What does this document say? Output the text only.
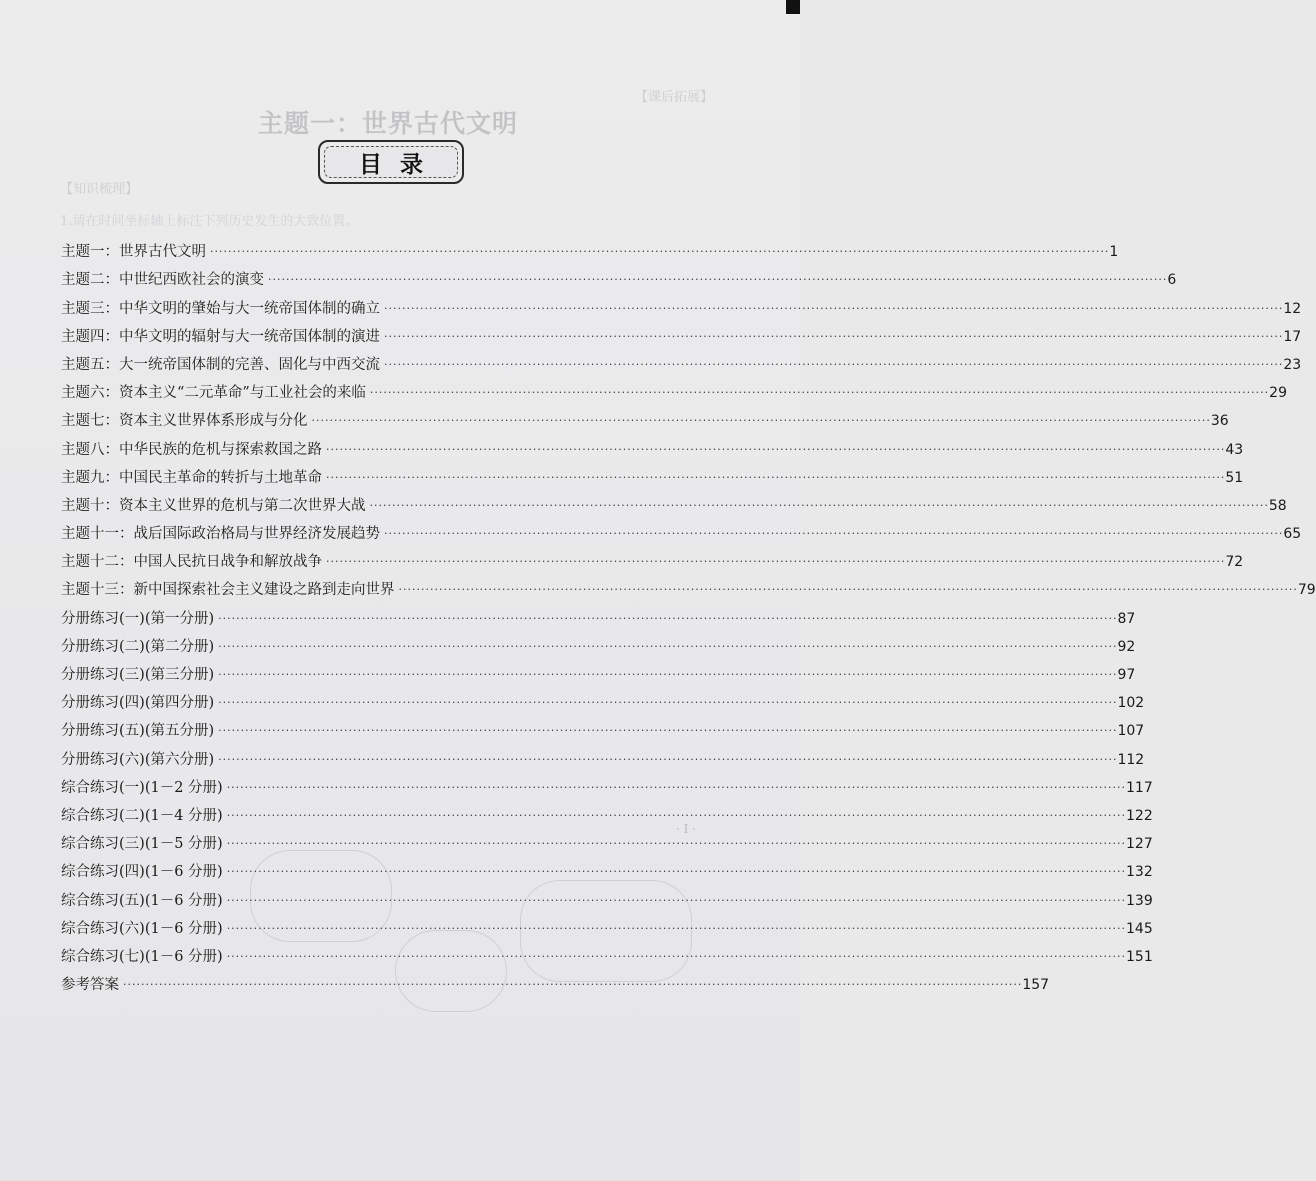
【课后拓展】
主题一：世界古代文明
【知识梳理】
1.请在时间坐标轴上标注下列历史发生的大致位置。
目录
主题一：世界古代文明 ········································································································································································································ 1
主题二：中世纪西欧社会的演变 ········································································································································································································ 6
主题三：中华文明的肇始与大一统帝国体制的确立 ········································································································································································································ 12
主题四：中华文明的辐射与大一统帝国体制的演进 ········································································································································································································ 17
主题五：大一统帝国体制的完善、固化与中西交流 ········································································································································································································ 23
主题六：资本主义“二元革命”与工业社会的来临 ········································································································································································································ 29
主题七：资本主义世界体系形成与分化 ········································································································································································································ 36
主题八：中华民族的危机与探索救国之路 ········································································································································································································ 43
主题九：中国民主革命的转折与土地革命 ········································································································································································································ 51
主题十：资本主义世界的危机与第二次世界大战 ········································································································································································································ 58
主题十一：战后国际政治格局与世界经济发展趋势 ········································································································································································································ 65
主题十二：中国人民抗日战争和解放战争 ········································································································································································································ 72
主题十三：新中国探索社会主义建设之路到走向世界 ········································································································································································································ 79
分册练习(一)(第一分册) ········································································································································································································ 87
分册练习(二)(第二分册) ········································································································································································································ 92
分册练习(三)(第三分册) ········································································································································································································ 97
分册练习(四)(第四分册) ········································································································································································································ 102
分册练习(五)(第五分册) ········································································································································································································ 107
分册练习(六)(第六分册) ········································································································································································································ 112
综合练习(一)(1－2 分册) ········································································································································································································ 117
综合练习(二)(1－4 分册) ········································································································································································································ 122
综合练习(三)(1－5 分册) ········································································································································································································ 127
综合练习(四)(1－6 分册) ········································································································································································································ 132
综合练习(五)(1－6 分册) ········································································································································································································ 139
综合练习(六)(1－6 分册) ········································································································································································································ 145
综合练习(七)(1－6 分册) ········································································································································································································ 151
参考答案 ········································································································································································································ 157
· I ·
